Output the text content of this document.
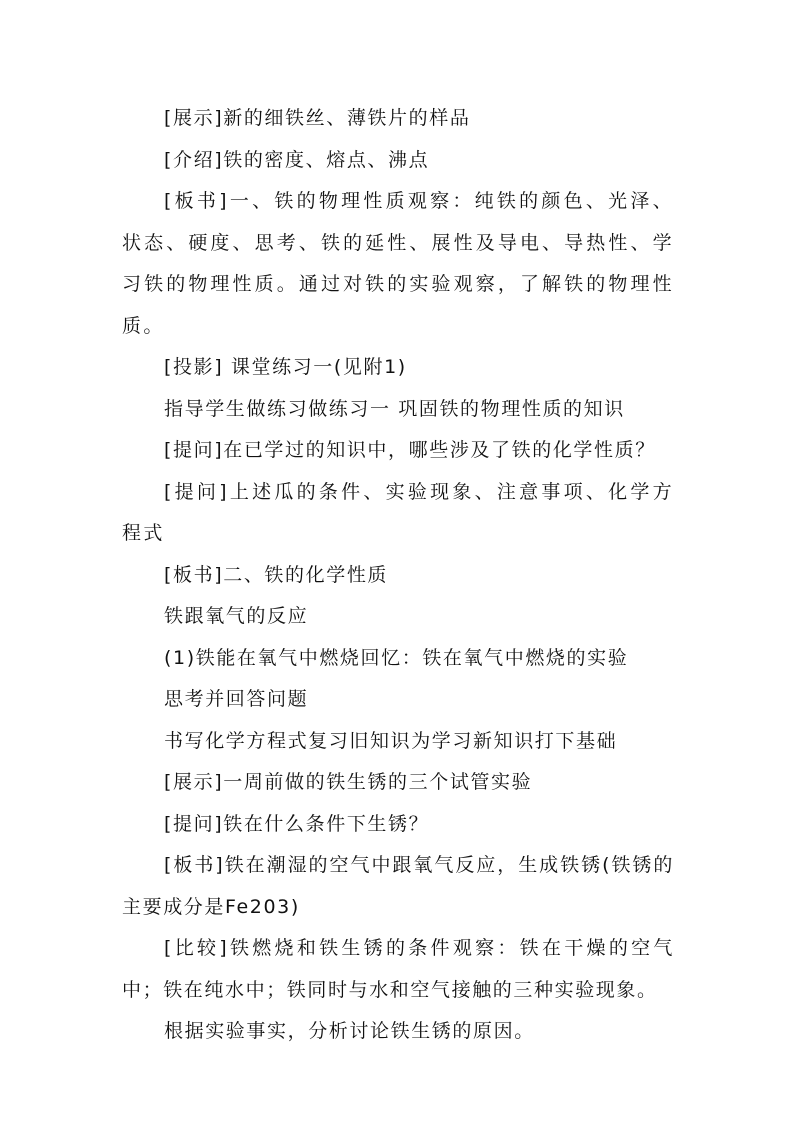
[展示]新的细铁丝、薄铁片的样品

[介绍]铁的密度、熔点、沸点

[板书]一、铁的物理性质观察：纯铁的颜色、光泽、状态、硬度、思考、铁的延性、展性及导电、导热性、学习铁的物理性质。通过对铁的实验观察，了解铁的物理性质。

[投影] 课堂练习一(见附1)

指导学生做练习做练习一 巩固铁的物理性质的知识

[提问]在已学过的知识中，哪些涉及了铁的化学性质？

[提问]上述瓜的条件、实验现象、注意事项、化学方程式

[板书]二、铁的化学性质

铁跟氧气的反应

(1)铁能在氧气中燃烧回忆：铁在氧气中燃烧的实验

思考并回答问题

书写化学方程式复习旧知识为学习新知识打下基础

[展示]一周前做的铁生锈的三个试管实验

[提问]铁在什么条件下生锈？

[板书]铁在潮湿的空气中跟氧气反应，生成铁锈(铁锈的主要成分是Fe203)

[比较]铁燃烧和铁生锈的条件观察：铁在干燥的空气中；铁在纯水中；铁同时与水和空气接触的三种实验现象。

根据实验事实，分析讨论铁生锈的原因。
